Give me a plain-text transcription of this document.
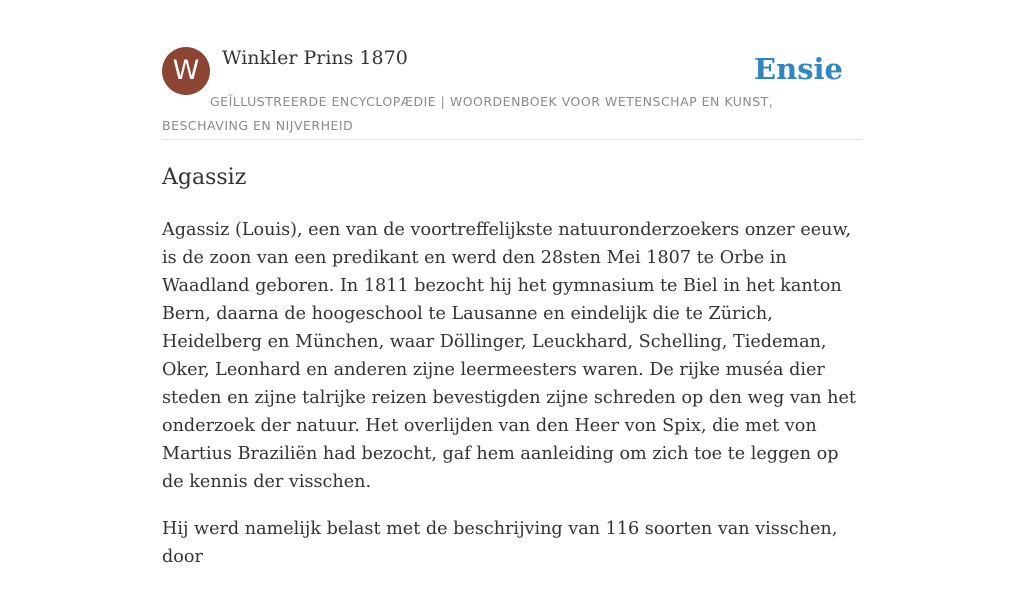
W	Winkler Prins 1870	Ensie
GEÏLLUSTREERDE ENCYCLOPÆDIE | WOORDENBOEK VOOR WETENSCHAP EN KUNST, BESCHAVING EN NIJVERHEID
Agassiz

Agassiz (Louis), een van de voortreffelijkste natuuronderzoekers onzer eeuw, is de zoon van een predikant en werd den 28sten Mei 1807 te Orbe in Waadland geboren. In 1811 bezocht hij het gymnasium te Biel in het kanton Bern, daarna de hoogeschool te Lausanne en eindelijk die te Zürich, Heidelberg en München, waar Döllinger, Leuckhard, Schelling, Tiedeman, Oker, Leonhard en anderen zijne leermeesters waren. De rijke muséa dier steden en zijne talrijke reizen bevestigden zijne schreden op den weg van het onderzoek der natuur. Het overlijden van den Heer von Spix, die met von Martius Braziliën had bezocht, gaf hem aanleiding om zich toe te leggen op de kennis der visschen.

Hij werd namelijk belast met de beschrijving van 116 soorten van visschen, door
